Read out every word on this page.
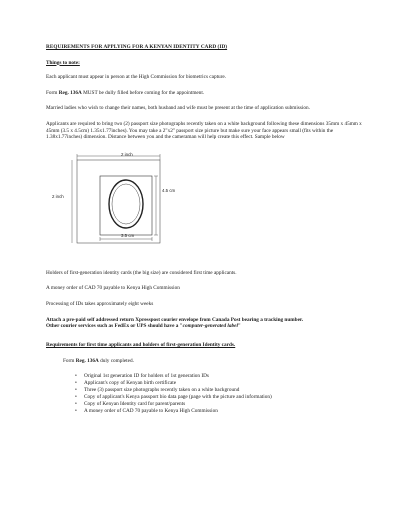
REQUIREMENTS FOR APPLYING FOR A KENYAN IDENTITY CARD (ID)

Things to note:

Each applicant must appear in person at the High Commission for biometrics capture.

Form Reg. 136A MUST be dully filled before coming for the appointment.

Married ladies who wish to change their names, both husband and wife must be present at the time of application submission.

Applicants are required to bring two (2) passport size photographs recently taken on a white background following these dimensions 35mm x 45mm x 45mm (3.5 x 4.5cm) 1.35x1.77inches). You may take a 2"x2" passport size picture but make sure your face appears small (fits within the 1.38x1.77inches) dimension. Distance between you and the cameraman will help create this effect. Sample below

2 inch
2 inch
4.5 cm
3.5 cm

Holders of first-generation identity cards (the big size) are considered first time applicants.

A money order of CAD 70 payable to Kenya High Commission

Processing of IDs takes approximately eight weeks

Attach a pre-paid self addressed return Xpresspost courier envelope from Canada Post bearing a tracking number.

Other courier services such as FedEx or UPS should have a "computer-generated label"

Requirements for first time applicants and holders of first-generation Identity cards.

Form Reg. 136A duly completed.

• Original 1st generation ID for holders of 1st generation IDs
• Applicant's copy of Kenyan birth certificate
• Three (3) passport size photographs recently taken on a white background
• Copy of applicant's Kenya passport bio data page (page with the picture and information)
• Copy of Kenyan Identity card for parent/parents
• A money order of CAD 70 payable to Kenya High Commission
